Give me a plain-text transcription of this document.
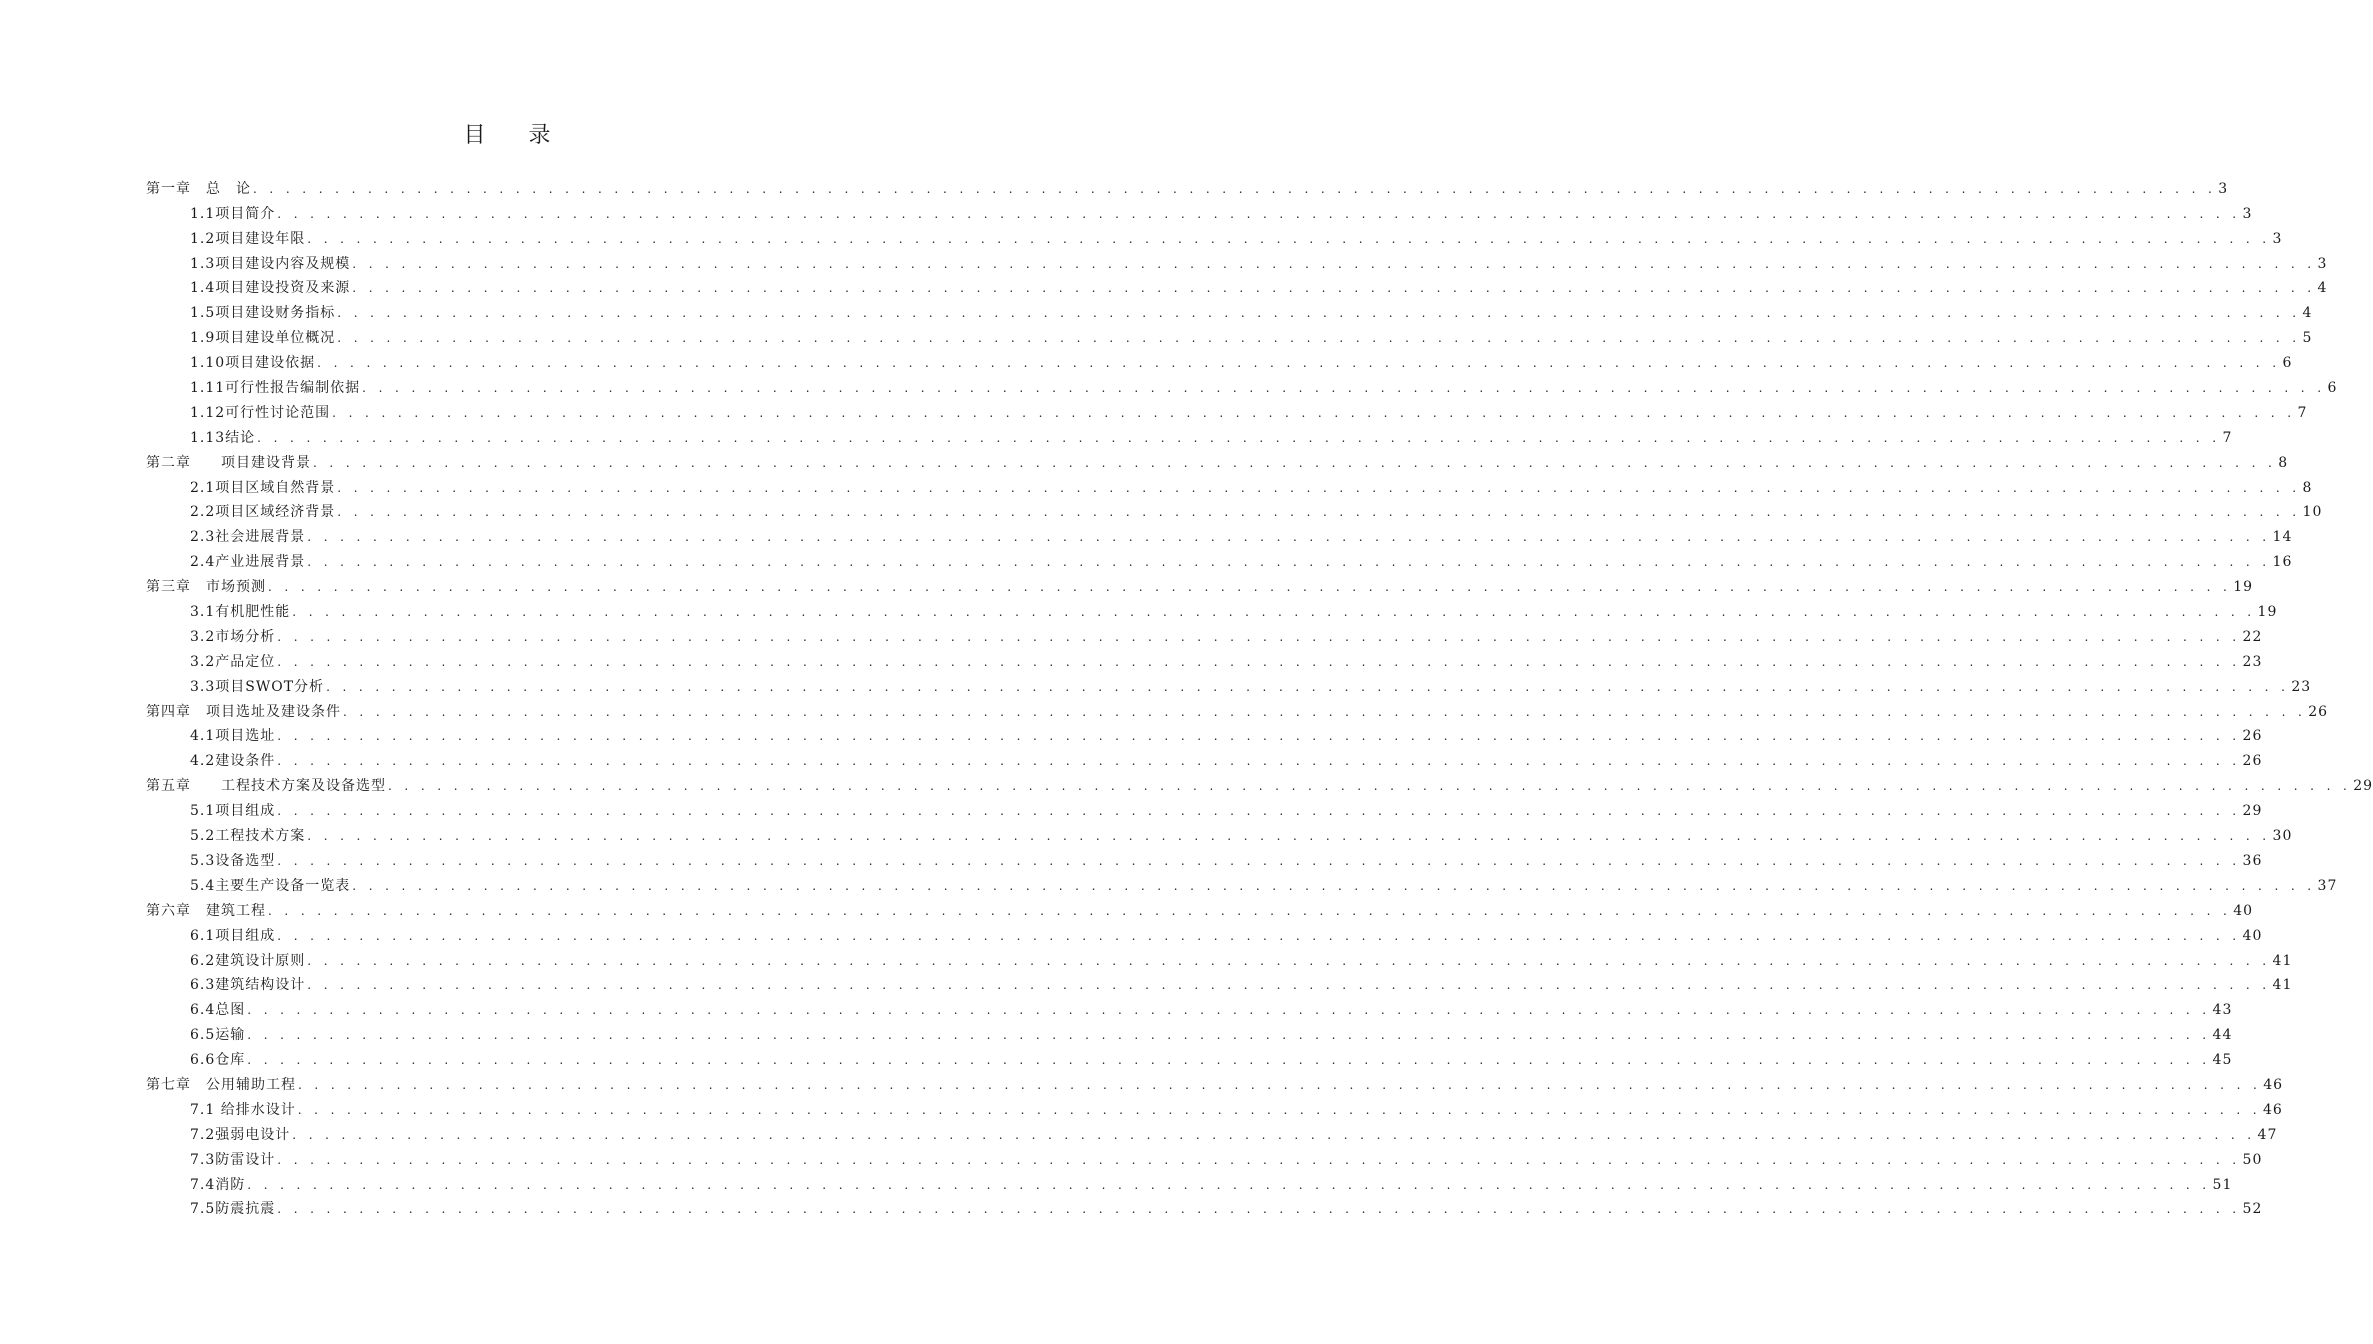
目 录
第一章　总　论 . . . . . . . . . . . . . . . . . . . . . . . . . . . . . . . . . . . . . . . . . . . . . . . . . . . . . . . . . . . . . . . . . . . . . . . . . . . . . . . . . . . . . . . . . . . . . . . . . . . . . . . . . . . . . . . . . . . . . . . . 3
1.1项目简介 . . . . . . . . . . . . . . . . . . . . . . . . . . . . . . . . . . . . . . . . . . . . . . . . . . . . . . . . . . . . . . . . . . . . . . . . . . . . . . . . . . . . . . . . . . . . . . . . . . . . . . . . . . . . . . . . . . . . . . . . 3
1.2项目建设年限 . . . . . . . . . . . . . . . . . . . . . . . . . . . . . . . . . . . . . . . . . . . . . . . . . . . . . . . . . . . . . . . . . . . . . . . . . . . . . . . . . . . . . . . . . . . . . . . . . . . . . . . . . . . . . . . . . . . . . . . . 3
1.3项目建设内容及规模 . . . . . . . . . . . . . . . . . . . . . . . . . . . . . . . . . . . . . . . . . . . . . . . . . . . . . . . . . . . . . . . . . . . . . . . . . . . . . . . . . . . . . . . . . . . . . . . . . . . . . . . . . . . . . . . . . . . . . . . . 3
1.4项目建设投资及来源 . . . . . . . . . . . . . . . . . . . . . . . . . . . . . . . . . . . . . . . . . . . . . . . . . . . . . . . . . . . . . . . . . . . . . . . . . . . . . . . . . . . . . . . . . . . . . . . . . . . . . . . . . . . . . . . . . . . . . . . . 4
1.5项目建设财务指标 . . . . . . . . . . . . . . . . . . . . . . . . . . . . . . . . . . . . . . . . . . . . . . . . . . . . . . . . . . . . . . . . . . . . . . . . . . . . . . . . . . . . . . . . . . . . . . . . . . . . . . . . . . . . . . . . . . . . . . . . 4
1.9项目建设单位概况 . . . . . . . . . . . . . . . . . . . . . . . . . . . . . . . . . . . . . . . . . . . . . . . . . . . . . . . . . . . . . . . . . . . . . . . . . . . . . . . . . . . . . . . . . . . . . . . . . . . . . . . . . . . . . . . . . . . . . . . . 5
1.10项目建设依据 . . . . . . . . . . . . . . . . . . . . . . . . . . . . . . . . . . . . . . . . . . . . . . . . . . . . . . . . . . . . . . . . . . . . . . . . . . . . . . . . . . . . . . . . . . . . . . . . . . . . . . . . . . . . . . . . . . . . . . . . 6
1.11可行性报告编制依据 . . . . . . . . . . . . . . . . . . . . . . . . . . . . . . . . . . . . . . . . . . . . . . . . . . . . . . . . . . . . . . . . . . . . . . . . . . . . . . . . . . . . . . . . . . . . . . . . . . . . . . . . . . . . . . . . . . . . . . . . 6
1.12可行性讨论范围 . . . . . . . . . . . . . . . . . . . . . . . . . . . . . . . . . . . . . . . . . . . . . . . . . . . . . . . . . . . . . . . . . . . . . . . . . . . . . . . . . . . . . . . . . . . . . . . . . . . . . . . . . . . . . . . . . . . . . . . . 7
1.13结论 . . . . . . . . . . . . . . . . . . . . . . . . . . . . . . . . . . . . . . . . . . . . . . . . . . . . . . . . . . . . . . . . . . . . . . . . . . . . . . . . . . . . . . . . . . . . . . . . . . . . . . . . . . . . . . . . . . . . . . . . 7
第二章　　项目建设背景 . . . . . . . . . . . . . . . . . . . . . . . . . . . . . . . . . . . . . . . . . . . . . . . . . . . . . . . . . . . . . . . . . . . . . . . . . . . . . . . . . . . . . . . . . . . . . . . . . . . . . . . . . . . . . . . . . . . . . . . . 8
2.1项目区域自然背景 . . . . . . . . . . . . . . . . . . . . . . . . . . . . . . . . . . . . . . . . . . . . . . . . . . . . . . . . . . . . . . . . . . . . . . . . . . . . . . . . . . . . . . . . . . . . . . . . . . . . . . . . . . . . . . . . . . . . . . . . 8
2.2项目区域经济背景 . . . . . . . . . . . . . . . . . . . . . . . . . . . . . . . . . . . . . . . . . . . . . . . . . . . . . . . . . . . . . . . . . . . . . . . . . . . . . . . . . . . . . . . . . . . . . . . . . . . . . . . . . . . . . . . . . . . . . . . . 10
2.3社会进展背景 . . . . . . . . . . . . . . . . . . . . . . . . . . . . . . . . . . . . . . . . . . . . . . . . . . . . . . . . . . . . . . . . . . . . . . . . . . . . . . . . . . . . . . . . . . . . . . . . . . . . . . . . . . . . . . . . . . . . . . . . 14
2.4产业进展背景 . . . . . . . . . . . . . . . . . . . . . . . . . . . . . . . . . . . . . . . . . . . . . . . . . . . . . . . . . . . . . . . . . . . . . . . . . . . . . . . . . . . . . . . . . . . . . . . . . . . . . . . . . . . . . . . . . . . . . . . . 16
第三章　市场预测 . . . . . . . . . . . . . . . . . . . . . . . . . . . . . . . . . . . . . . . . . . . . . . . . . . . . . . . . . . . . . . . . . . . . . . . . . . . . . . . . . . . . . . . . . . . . . . . . . . . . . . . . . . . . . . . . . . . . . . . . 19
3.1有机肥性能 . . . . . . . . . . . . . . . . . . . . . . . . . . . . . . . . . . . . . . . . . . . . . . . . . . . . . . . . . . . . . . . . . . . . . . . . . . . . . . . . . . . . . . . . . . . . . . . . . . . . . . . . . . . . . . . . . . . . . . . . 19
3.2市场分析 . . . . . . . . . . . . . . . . . . . . . . . . . . . . . . . . . . . . . . . . . . . . . . . . . . . . . . . . . . . . . . . . . . . . . . . . . . . . . . . . . . . . . . . . . . . . . . . . . . . . . . . . . . . . . . . . . . . . . . . . 22
3.2产品定位 . . . . . . . . . . . . . . . . . . . . . . . . . . . . . . . . . . . . . . . . . . . . . . . . . . . . . . . . . . . . . . . . . . . . . . . . . . . . . . . . . . . . . . . . . . . . . . . . . . . . . . . . . . . . . . . . . . . . . . . . 23
3.3项目SWOT分析 . . . . . . . . . . . . . . . . . . . . . . . . . . . . . . . . . . . . . . . . . . . . . . . . . . . . . . . . . . . . . . . . . . . . . . . . . . . . . . . . . . . . . . . . . . . . . . . . . . . . . . . . . . . . . . . . . . . . . . . . 23
第四章　项目选址及建设条件 . . . . . . . . . . . . . . . . . . . . . . . . . . . . . . . . . . . . . . . . . . . . . . . . . . . . . . . . . . . . . . . . . . . . . . . . . . . . . . . . . . . . . . . . . . . . . . . . . . . . . . . . . . . . . . . . . . . . . . . . 26
4.1项目选址 . . . . . . . . . . . . . . . . . . . . . . . . . . . . . . . . . . . . . . . . . . . . . . . . . . . . . . . . . . . . . . . . . . . . . . . . . . . . . . . . . . . . . . . . . . . . . . . . . . . . . . . . . . . . . . . . . . . . . . . . 26
4.2建设条件 . . . . . . . . . . . . . . . . . . . . . . . . . . . . . . . . . . . . . . . . . . . . . . . . . . . . . . . . . . . . . . . . . . . . . . . . . . . . . . . . . . . . . . . . . . . . . . . . . . . . . . . . . . . . . . . . . . . . . . . . 26
第五章　　工程技术方案及设备选型 . . . . . . . . . . . . . . . . . . . . . . . . . . . . . . . . . . . . . . . . . . . . . . . . . . . . . . . . . . . . . . . . . . . . . . . . . . . . . . . . . . . . . . . . . . . . . . . . . . . . . . . . . . . . . . . . . . . . . . . . 29
5.1项目组成 . . . . . . . . . . . . . . . . . . . . . . . . . . . . . . . . . . . . . . . . . . . . . . . . . . . . . . . . . . . . . . . . . . . . . . . . . . . . . . . . . . . . . . . . . . . . . . . . . . . . . . . . . . . . . . . . . . . . . . . . 29
5.2工程技术方案 . . . . . . . . . . . . . . . . . . . . . . . . . . . . . . . . . . . . . . . . . . . . . . . . . . . . . . . . . . . . . . . . . . . . . . . . . . . . . . . . . . . . . . . . . . . . . . . . . . . . . . . . . . . . . . . . . . . . . . . . 30
5.3设备选型 . . . . . . . . . . . . . . . . . . . . . . . . . . . . . . . . . . . . . . . . . . . . . . . . . . . . . . . . . . . . . . . . . . . . . . . . . . . . . . . . . . . . . . . . . . . . . . . . . . . . . . . . . . . . . . . . . . . . . . . . 36
5.4主要生产设备一览表 . . . . . . . . . . . . . . . . . . . . . . . . . . . . . . . . . . . . . . . . . . . . . . . . . . . . . . . . . . . . . . . . . . . . . . . . . . . . . . . . . . . . . . . . . . . . . . . . . . . . . . . . . . . . . . . . . . . . . . . . 37
第六章　建筑工程 . . . . . . . . . . . . . . . . . . . . . . . . . . . . . . . . . . . . . . . . . . . . . . . . . . . . . . . . . . . . . . . . . . . . . . . . . . . . . . . . . . . . . . . . . . . . . . . . . . . . . . . . . . . . . . . . . . . . . . . . 40
6.1项目组成 . . . . . . . . . . . . . . . . . . . . . . . . . . . . . . . . . . . . . . . . . . . . . . . . . . . . . . . . . . . . . . . . . . . . . . . . . . . . . . . . . . . . . . . . . . . . . . . . . . . . . . . . . . . . . . . . . . . . . . . . 40
6.2建筑设计原则 . . . . . . . . . . . . . . . . . . . . . . . . . . . . . . . . . . . . . . . . . . . . . . . . . . . . . . . . . . . . . . . . . . . . . . . . . . . . . . . . . . . . . . . . . . . . . . . . . . . . . . . . . . . . . . . . . . . . . . . . 41
6.3建筑结构设计 . . . . . . . . . . . . . . . . . . . . . . . . . . . . . . . . . . . . . . . . . . . . . . . . . . . . . . . . . . . . . . . . . . . . . . . . . . . . . . . . . . . . . . . . . . . . . . . . . . . . . . . . . . . . . . . . . . . . . . . . 41
6.4总图 . . . . . . . . . . . . . . . . . . . . . . . . . . . . . . . . . . . . . . . . . . . . . . . . . . . . . . . . . . . . . . . . . . . . . . . . . . . . . . . . . . . . . . . . . . . . . . . . . . . . . . . . . . . . . . . . . . . . . . . . 43
6.5运输 . . . . . . . . . . . . . . . . . . . . . . . . . . . . . . . . . . . . . . . . . . . . . . . . . . . . . . . . . . . . . . . . . . . . . . . . . . . . . . . . . . . . . . . . . . . . . . . . . . . . . . . . . . . . . . . . . . . . . . . . 44
6.6仓库 . . . . . . . . . . . . . . . . . . . . . . . . . . . . . . . . . . . . . . . . . . . . . . . . . . . . . . . . . . . . . . . . . . . . . . . . . . . . . . . . . . . . . . . . . . . . . . . . . . . . . . . . . . . . . . . . . . . . . . . . 45
第七章　公用辅助工程 . . . . . . . . . . . . . . . . . . . . . . . . . . . . . . . . . . . . . . . . . . . . . . . . . . . . . . . . . . . . . . . . . . . . . . . . . . . . . . . . . . . . . . . . . . . . . . . . . . . . . . . . . . . . . . . . . . . . . . . . 46
7.1 给排水设计 . . . . . . . . . . . . . . . . . . . . . . . . . . . . . . . . . . . . . . . . . . . . . . . . . . . . . . . . . . . . . . . . . . . . . . . . . . . . . . . . . . . . . . . . . . . . . . . . . . . . . . . . . . . . . . . . . . . . . . . . 46
7.2强弱电设计 . . . . . . . . . . . . . . . . . . . . . . . . . . . . . . . . . . . . . . . . . . . . . . . . . . . . . . . . . . . . . . . . . . . . . . . . . . . . . . . . . . . . . . . . . . . . . . . . . . . . . . . . . . . . . . . . . . . . . . . . 47
7.3防雷设计 . . . . . . . . . . . . . . . . . . . . . . . . . . . . . . . . . . . . . . . . . . . . . . . . . . . . . . . . . . . . . . . . . . . . . . . . . . . . . . . . . . . . . . . . . . . . . . . . . . . . . . . . . . . . . . . . . . . . . . . . 50
7.4消防 . . . . . . . . . . . . . . . . . . . . . . . . . . . . . . . . . . . . . . . . . . . . . . . . . . . . . . . . . . . . . . . . . . . . . . . . . . . . . . . . . . . . . . . . . . . . . . . . . . . . . . . . . . . . . . . . . . . . . . . . 51
7.5防震抗震 . . . . . . . . . . . . . . . . . . . . . . . . . . . . . . . . . . . . . . . . . . . . . . . . . . . . . . . . . . . . . . . . . . . . . . . . . . . . . . . . . . . . . . . . . . . . . . . . . . . . . . . . . . . . . . . . . . . . . . . . 52
